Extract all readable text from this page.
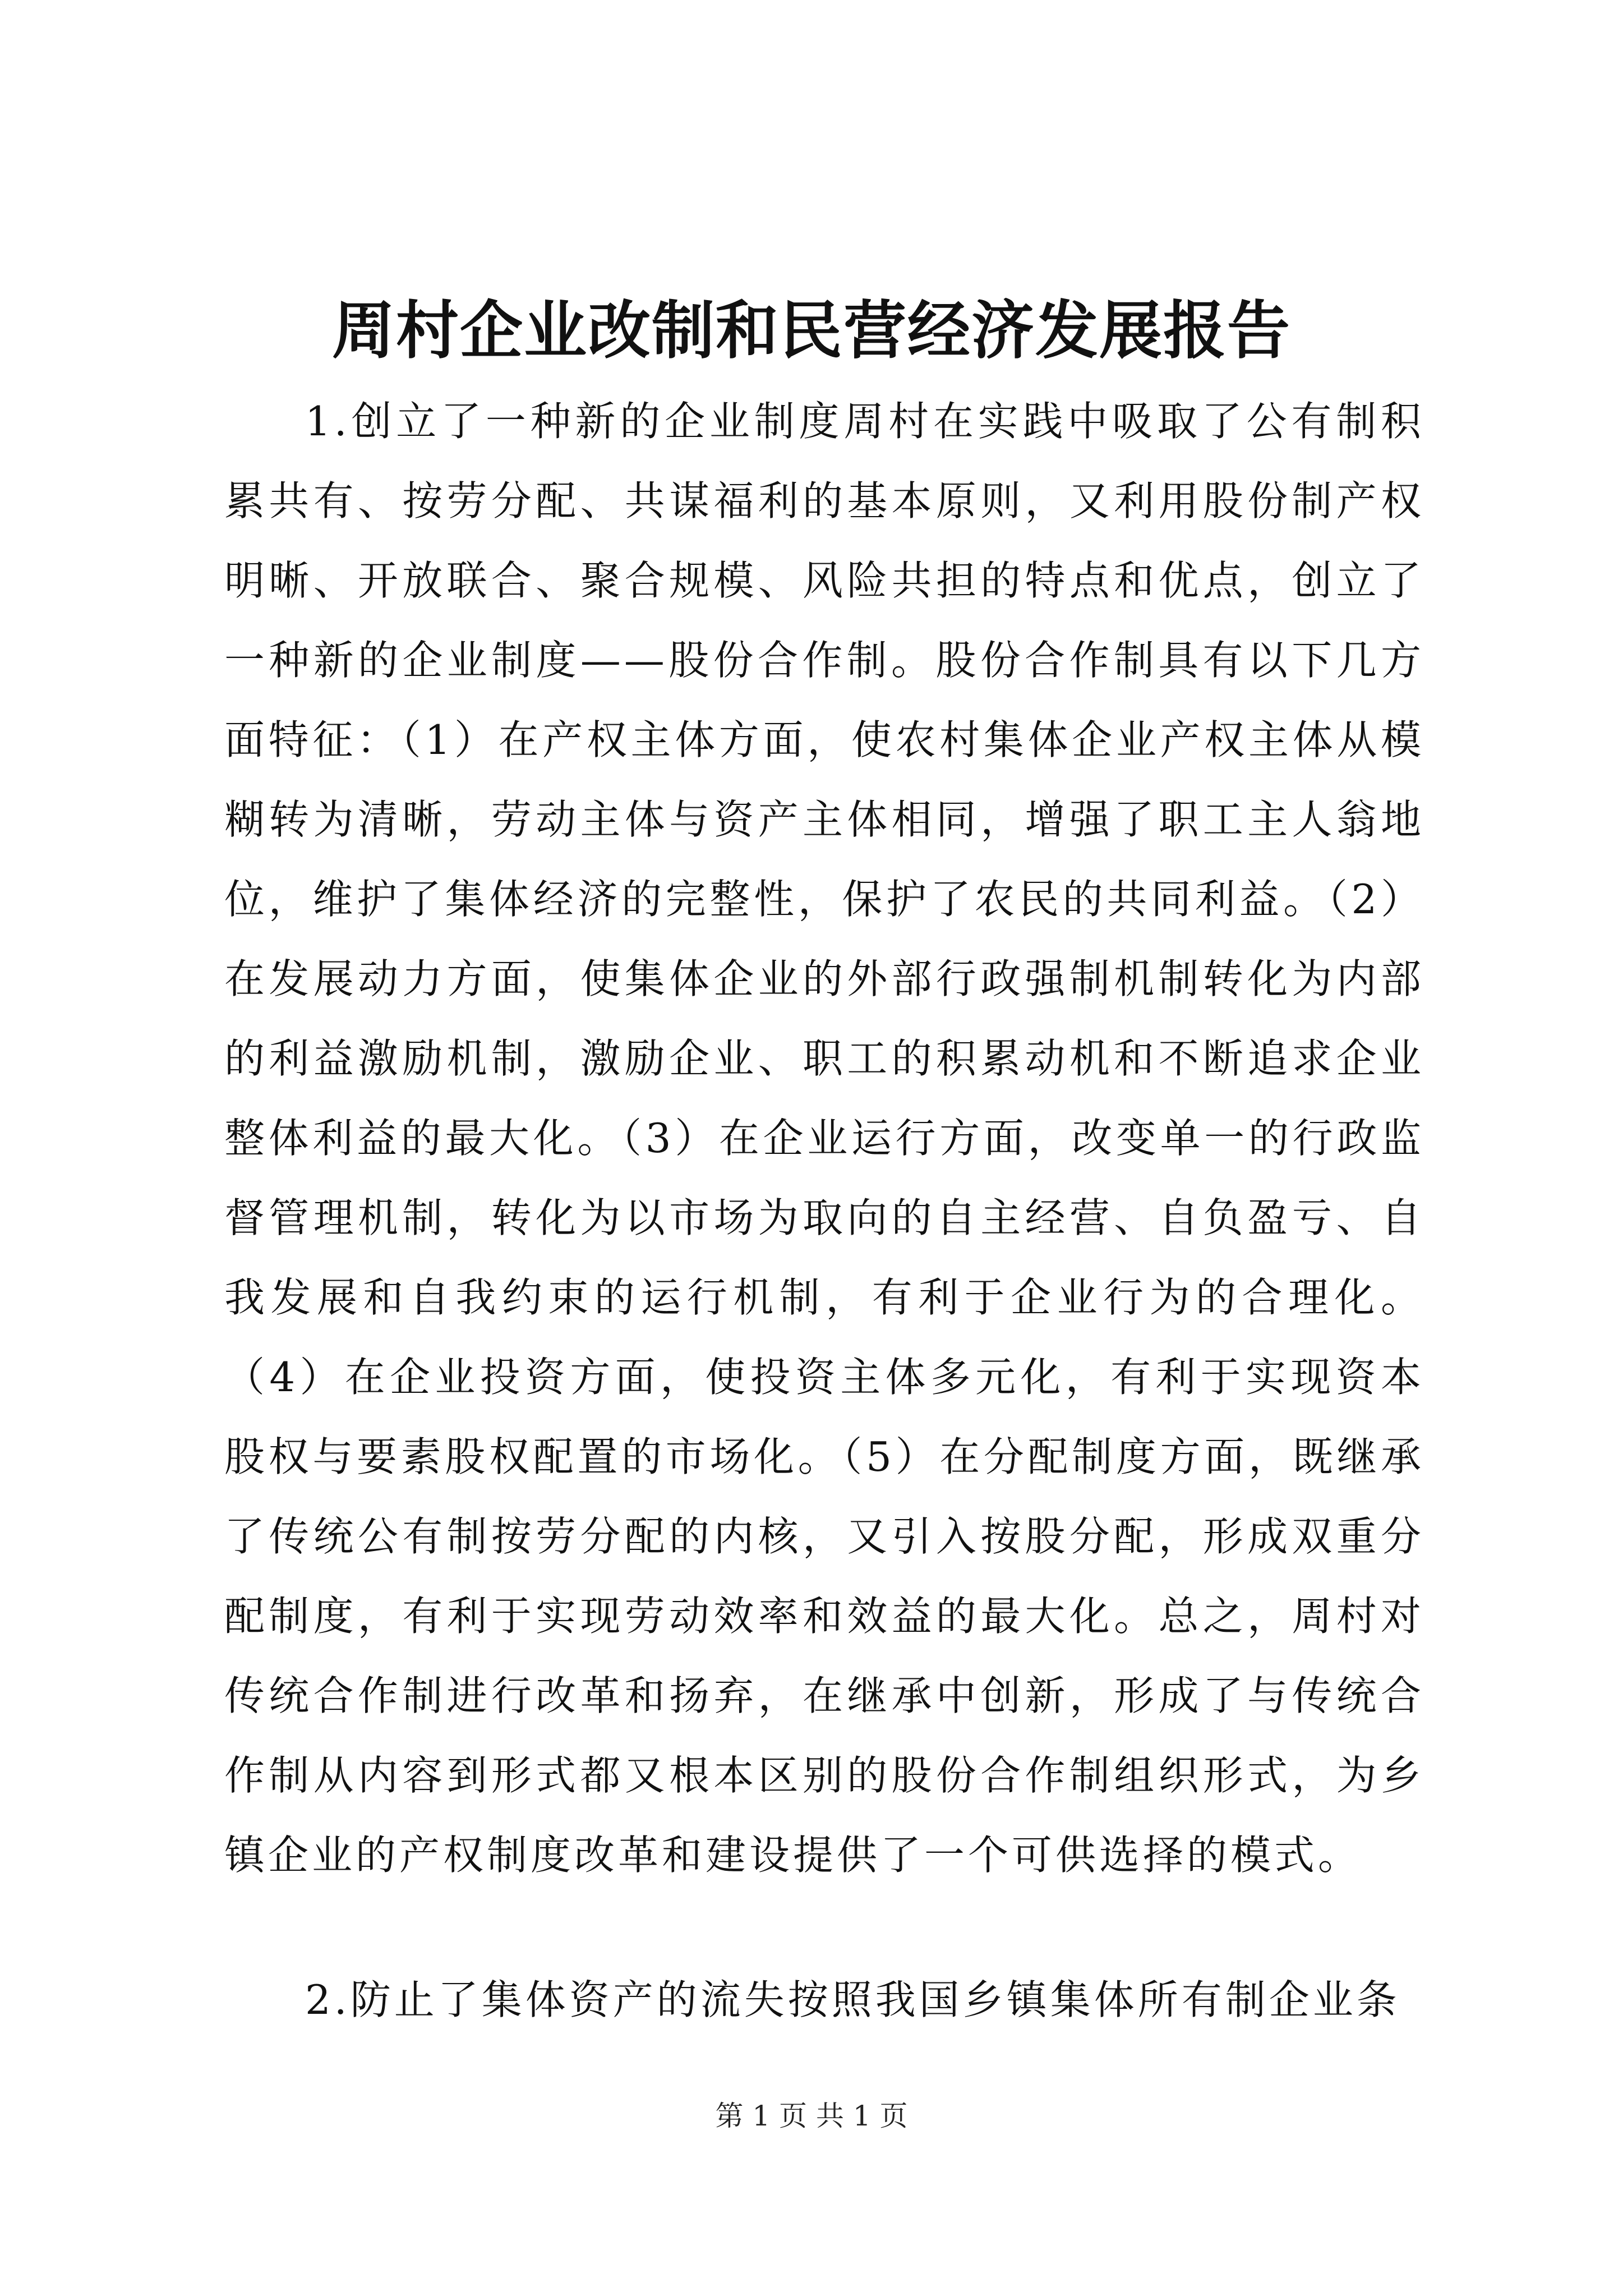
周村企业改制和民营经济发展报告

1.创立了一种新的企业制度周村在实践中吸取了公有制积累共有、按劳分配、共谋福利的基本原则，又利用股份制产权明晰、开放联合、聚合规模、风险共担的特点和优点，创立了一种新的企业制度——股份合作制。股份合作制具有以下几方面特征：（1）在产权主体方面，使农村集体企业产权主体从模糊转为清晰，劳动主体与资产主体相同，增强了职工主人翁地位，维护了集体经济的完整性，保护了农民的共同利益。（2）在发展动力方面，使集体企业的外部行政强制机制转化为内部的利益激励机制，激励企业、职工的积累动机和不断追求企业整体利益的最大化。（3）在企业运行方面，改变单一的行政监督管理机制，转化为以市场为取向的自主经营、自负盈亏、自我发展和自我约束的运行机制，有利于企业行为的合理化。（4）在企业投资方面，使投资主体多元化，有利于实现资本股权与要素股权配置的市场化。（5）在分配制度方面，既继承了传统公有制按劳分配的内核，又引入按股分配，形成双重分配制度，有利于实现劳动效率和效益的最大化。总之，周村对传统合作制进行改革和扬弃，在继承中创新，形成了与传统合作制从内容到形式都又根本区别的股份合作制组织形式，为乡镇企业的产权制度改革和建设提供了一个可供选择的模式。

2.防止了集体资产的流失按照我国乡镇集体所有制企业条

第 1 页 共 1 页
